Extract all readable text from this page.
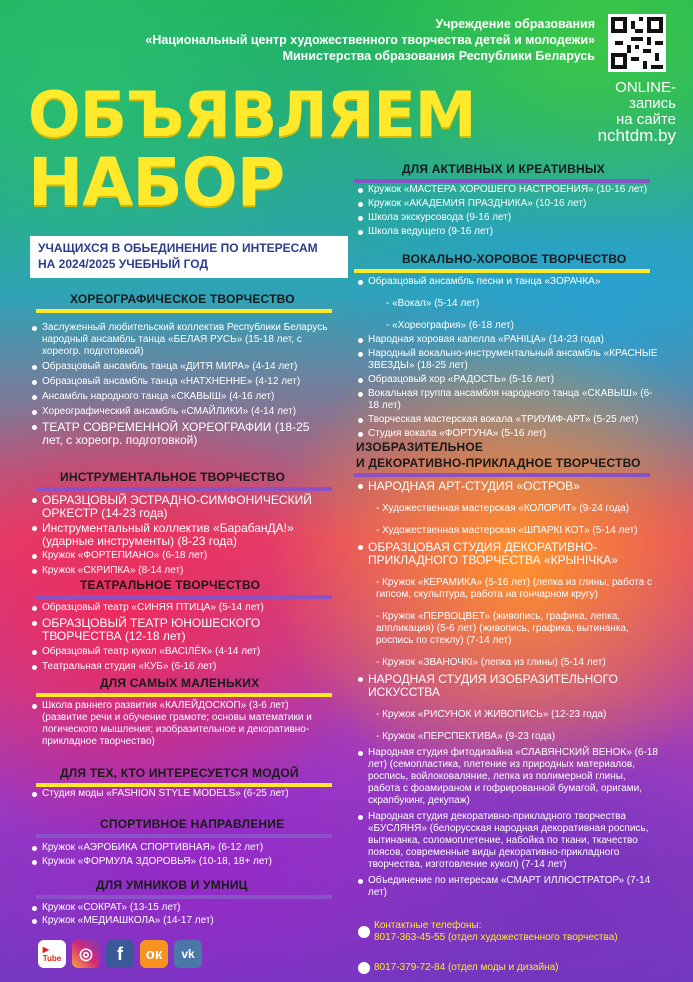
Учреждение образования
«Национальный центр художественного творчества детей и молодежи»
Министерства образования Республики Беларусь
ONLINE-
запись
на сайте
nchtdm.by
ОБЪЯВЛЯЕМ
НАБОР
УЧАЩИХСЯ В ОБЬЕДИНЕНИЕ ПО ИНТЕРЕСАМ
НА 2024/2025 УЧЕБНЫЙ ГОД
ХОРЕОГРАФИЧЕСКОЕ ТВОРЧЕСТВО

Заслуженный любительский коллектив Республики Беларусь народный ансамбль танца «БЕЛАЯ РУСЬ» (15-18 лет, с хореогр. подготовкой)

Образцовый ансамбль танца «ДИТЯ МИРА» (4-14 лет)

Образцовый ансамбль танца «НАТХНЕННЕ» (4-12 лет)

Ансамбль народного танца «СКАВЫШ» (4-16 лет)

Хореографический ансамбль «СМАЙЛИКИ» (4-14 лет)

ТЕАТР СОВРЕМЕННОЙ ХОРЕОГРАФИИ (18-25 лет, с хореогр. подготовкой)

ИНСТРУМЕНТАЛЬНОЕ ТВОРЧЕСТВО

ОБРАЗЦОВЫЙ ЭСТРАДНО-СИМФОНИЧЕСКИЙ ОРКЕСТР (14-23 года)

Инструментальный коллектив «БарабанДА!» (ударные инструменты) (8-23 года)

Кружок «ФОРТЕПИАНО» (6-18 лет)

Кружок «СКРИПКА» (8-14 лет)

ТЕАТРАЛЬНОЕ ТВОРЧЕСТВО

Образцовый театр «СИНЯЯ ПТИЦА» (5-14 лет)

ОБРАЗЦОВЫЙ ТЕАТР ЮНОШЕСКОГО ТВОРЧЕСТВА (12-18 лет)

Образцовый театр кукол «ВАСІЛЁК» (4-14 лет)

Театральная студия «КУБ» (6-16 лет)

ДЛЯ САМЫХ МАЛЕНЬКИХ

Школа раннего развития «КАЛЕЙДОСКОП» (3-6 лет) (развитие речи и обучение грамоте; основы математики и логического мышления; изобразительное и декоративно-прикладное творчество)

ДЛЯ ТЕХ, КТО ИНТЕРЕСУЕТСЯ МОДОЙ

Студия моды «FASHION STYLE MODELS» (6-25 лет)

СПОРТИВНОЕ НАПРАВЛЕНИЕ

Кружок «АЭРОБИКА СПОРТИВНАЯ» (6-12 лет)

Кружок «ФОРМУЛА ЗДОРОВЬЯ» (10-18, 18+ лет)

ДЛЯ УМНИКОВ И УМНИЦ

Кружок «СОКРАТ» (13-15 лет)

Кружок «МЕДИАШКОЛА» (14-17 лет)

▶
Tube	◎	f	ок	vk
ДЛЯ АКТИВНЫХ И КРЕАТИВНЫХ

Кружок «МАСТЕРА ХОРОШЕГО НАСТРОЕНИЯ» (10-16 лет)

Кружок «АКАДЕМИЯ ПРАЗДНИКА» (10-16 лет)

Школа экскурсовода (9-16 лет)

Школа ведущего (9-16 лет)

ВОКАЛЬНО-ХОРОВОЕ ТВОРЧЕСТВО

Образцовый ансамбль песни и танца «ЗОРАЧКА»

- «Вокал» (5-14 лет)

- «Хореография» (6-18 лет)

Народная хоровая капелла «РАНІЦА» (14-23 года)

Народный вокально-инструментальный ансамбль «КРАСНЫЕ ЗВЕЗДЫ» (18-25 лет)

Образцовый хор «РАДОСТЬ» (5-16 лет)

Вокальная группа ансамбля народного танца «СКАВЫШ» (6-18 лет)

Творческая мастерская вокала «ТРИУМФ-АРТ» (5-25 лет)

Студия вокала «ФОРТУНА» (5-16 лет)

ИЗОБРАЗИТЕЛЬНОЕ
И ДЕКОРАТИВНО-ПРИКЛАДНОЕ ТВОРЧЕСТВО

НАРОДНАЯ АРТ-СТУДИЯ «ОСТРОВ»

- Художественная мастерская «КОЛОРИТ» (9-24 года)

- Художественная мастерская «ШПАРКІ КОТ» (5-14 лет)

ОБРАЗЦОВАЯ СТУДИЯ ДЕКОРАТИВНО-ПРИКЛАДНОГО ТВОРЧЕСТВА «КРЫНІЧКА»

- Кружок «КЕРАМИКА» (5-16 лет) (лепка из глины, работа с гипсом, скульптура, работа на гончарном кругу)

- Кружок «ПЕРВОЦВЕТ» (живопись, графика, лепка, аппликация) (5-6 лет) (живопись, графика, вытинанка, роспись по стеклу) (7-14 лет)

- Кружок «ЗВАНОЧКІ» (лепка из глины) (5-14 лет)

НАРОДНАЯ СТУДИЯ ИЗОБРАЗИТЕЛЬНОГО ИСКУССТВА

- Кружок «РИСУНОК И ЖИВОПИСЬ» (12-23 года)

- Кружок «ПЕРСПЕКТИВА» (9-23 года)

Народная студия фитодизайна «СЛАВЯНСКИЙ ВЕНОК» (6-18 лет) (семопластика, плетение из природных материалов, роспись, войлоковаляние, лепка из полимерной глины, работа с фоамираном и гофрированной бумагой, оригами, скрапбукинг, декупаж)

Народная студия декоративно-прикладного творчества «БУСЛЯНЯ» (белорусская народная декоративная роспись, вытинанка, соломоплетение, набойка по ткани, ткачество поясов, современные виды декоративно-прикладного творчества, изготовление кукол) (7-14 лет)

Объединение по интересам «СМАРТ ИЛЛЮСТРАТОР» (7-14 лет)

Контактные телефоны:
8017-363-45-55 (отдел художественного творчества)
8017-379-72-84 (отдел моды и дизайна)
